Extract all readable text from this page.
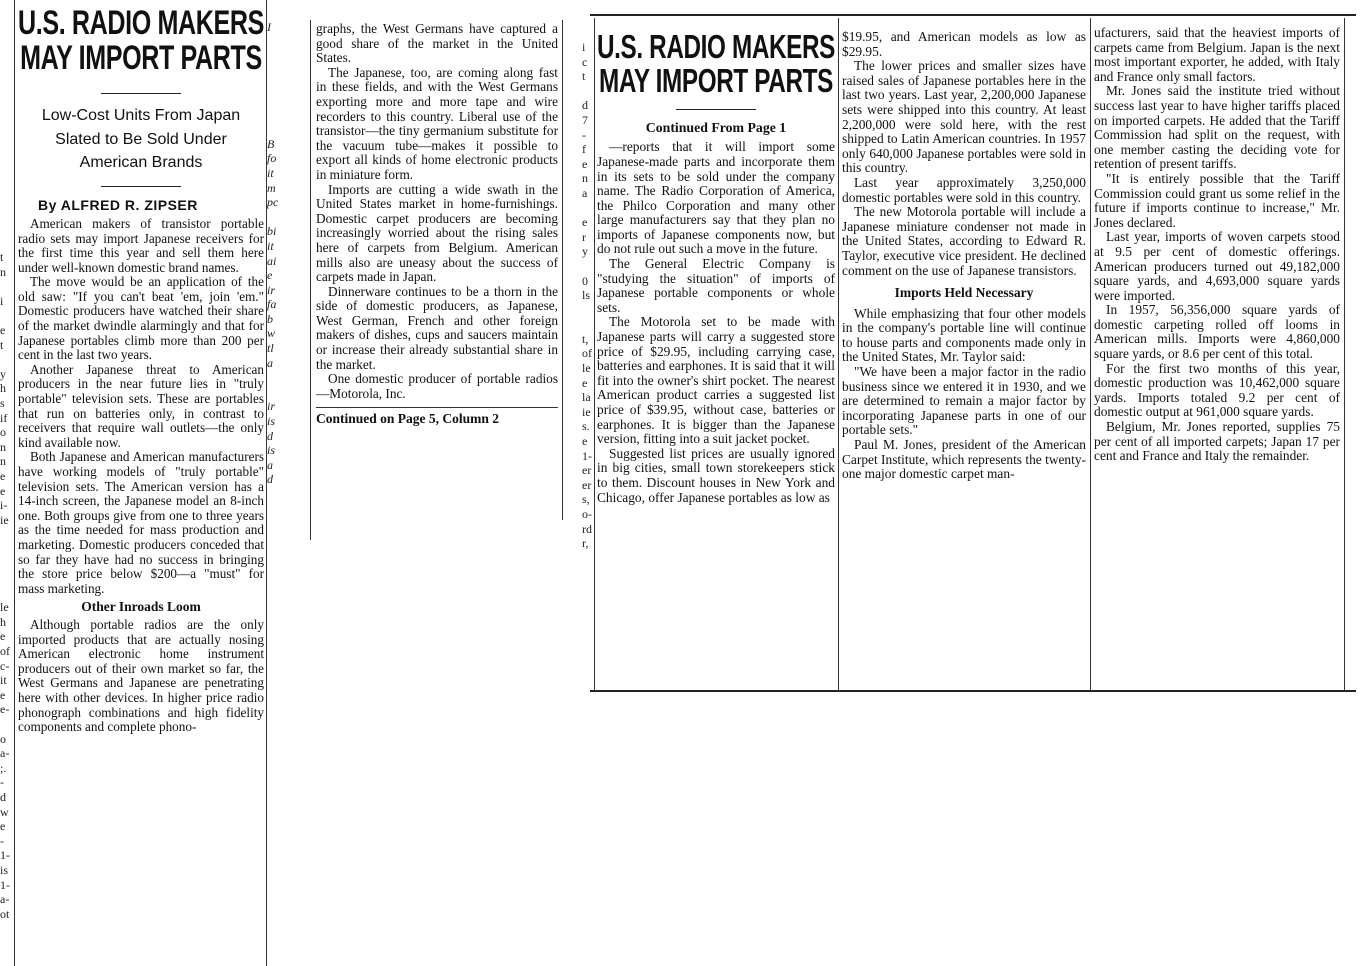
t
n

i

e
t

y
h
s
if
o
n
n
e
e
i-
ie

le
h
e
of
c-
it
e
e-

o
a-
;.
-
d
w
e
-
1-
is
1-
a-
ot
I

B
fo
it
m
pc

bi
it
ai
e
ir
fa
b
w
tl
a

ir
is
d
is
a
d
U.S. RADIO MAKERS
MAY IMPORT PARTS
Low-Cost Units From Japan Slated to Be Sold Under American Brands
By ALFRED R. ZIPSER

American makers of transistor portable radio sets may import Japanese receivers for the first time this year and sell them here under well-known domestic brand names.

The move would be an application of the old saw: "If you can't beat 'em, join 'em." Domestic producers have watched their share of the market dwindle alarmingly and that for Japanese portables climb more than 200 per cent in the last two years.

Another Japanese threat to American producers in the near future lies in "truly portable" television sets. These are portables that run on batteries only, in contrast to receivers that require wall outlets—the only kind available now.

Both Japanese and American manufacturers have working models of "truly portable" television sets. The American version has a 14-inch screen, the Japanese model an 8-inch one. Both groups give from one to three years as the time needed for mass production and marketing. Domestic producers conceded that so far they have had no success in bringing the store price below $200—a "must" for mass marketing.

Other Inroads Loom

Although portable radios are the only imported products that are actually nosing American electronic home instrument producers out of their own market so far, the West Germans and Japanese are penetrating here with other devices. In higher price radio phonograph combinations and high fidelity components and complete phono-

graphs, the West Germans have captured a good share of the market in the United States.

The Japanese, too, are coming along fast in these fields, and with the West Germans exporting more and more tape and wire recorders to this country. Liberal use of the transistor—the tiny germanium substitute for the vacuum tube—makes it possible to export all kinds of home electronic products in miniature form.

Imports are cutting a wide swath in the United States market in home-furnishings. Domestic carpet producers are becoming increasingly worried about the rising sales here of carpets from Belgium. American mills also are uneasy about the success of carpets made in Japan.

Dinnerware continues to be a thorn in the side of domestic producers, as Japanese, West German, French and other foreign makers of dishes, cups and saucers maintain or increase their already substantial share in the market.

One domestic producer of portable radios—Motorola, Inc.

Continued on Page 5, Column 2
i
c
t

d
7
-
f
e
n
a

e
r
y

0
ls

t,
of
le
e
la
ie
s.
e
1-
er
er
s,
o-
rd
r,
U.S. RADIO MAKERS
MAY IMPORT PARTS
Continued From Page 1

—reports that it will import some Japanese-made parts and incorporate them in its sets to be sold under the company name. The Radio Corporation of America, the Philco Corporation and many other large manufacturers say that they plan no imports of Japanese components now, but do not rule out such a move in the future.

The General Electric Company is "studying the situation" of imports of Japanese portable components or whole sets.

The Motorola set to be made with Japanese parts will carry a suggested store price of $29.95, including carrying case, batteries and earphones. It is said that it will fit into the owner's shirt pocket. The nearest American product carries a suggested list price of $39.95, without case, batteries or earphones. It is bigger than the Japanese version, fitting into a suit jacket pocket.

Suggested list prices are usually ignored in big cities, small town storekeepers stick to them. Discount houses in New York and Chicago, offer Japanese portables as low as

$19.95, and American models as low as $29.95.

The lower prices and smaller sizes have raised sales of Japanese portables here in the last two years. Last year, 2,200,000 Japanese sets were shipped into this country. At least 2,200,000 were sold here, with the rest shipped to Latin American countries. In 1957 only 640,000 Japanese portables were sold in this country.

Last year approximately 3,250,000 domestic portables were sold in this country.

The new Motorola portable will include a Japanese miniature condenser not made in the United States, according to Edward R. Taylor, executive vice president. He declined comment on the use of Japanese transistors.

Imports Held Necessary

While emphasizing that four other models in the company's portable line will continue to house parts and components made only in the United States, Mr. Taylor said:

"We have been a major factor in the radio business since we entered it in 1930, and we are determined to remain a major factor by incorporating Japanese parts in one of our portable sets."

Paul M. Jones, president of the American Carpet Institute, which represents the twenty-one major domestic carpet man-

ufacturers, said that the heaviest imports of carpets came from Belgium. Japan is the next most important exporter, he added, with Italy and France only small factors.

Mr. Jones said the institute tried without success last year to have higher tariffs placed on imported carpets. He added that the Tariff Commission had split on the request, with one member casting the deciding vote for retention of present tariffs.

"It is entirely possible that the Tariff Commission could grant us some relief in the future if imports continue to increase," Mr. Jones declared.

Last year, imports of woven carpets stood at 9.5 per cent of domestic offerings. American producers turned out 49,182,000 square yards, and 4,693,000 square yards were imported.

In 1957, 56,356,000 square yards of domestic carpeting rolled off looms in American mills. Imports were 4,860,000 square yards, or 8.6 per cent of this total.

For the first two months of this year, domestic production was 10,462,000 square yards. Imports totaled 9.2 per cent of domestic output at 961,000 square yards.

Belgium, Mr. Jones reported, supplies 75 per cent of all imported carpets; Japan 17 per cent and France and Italy the remainder.
